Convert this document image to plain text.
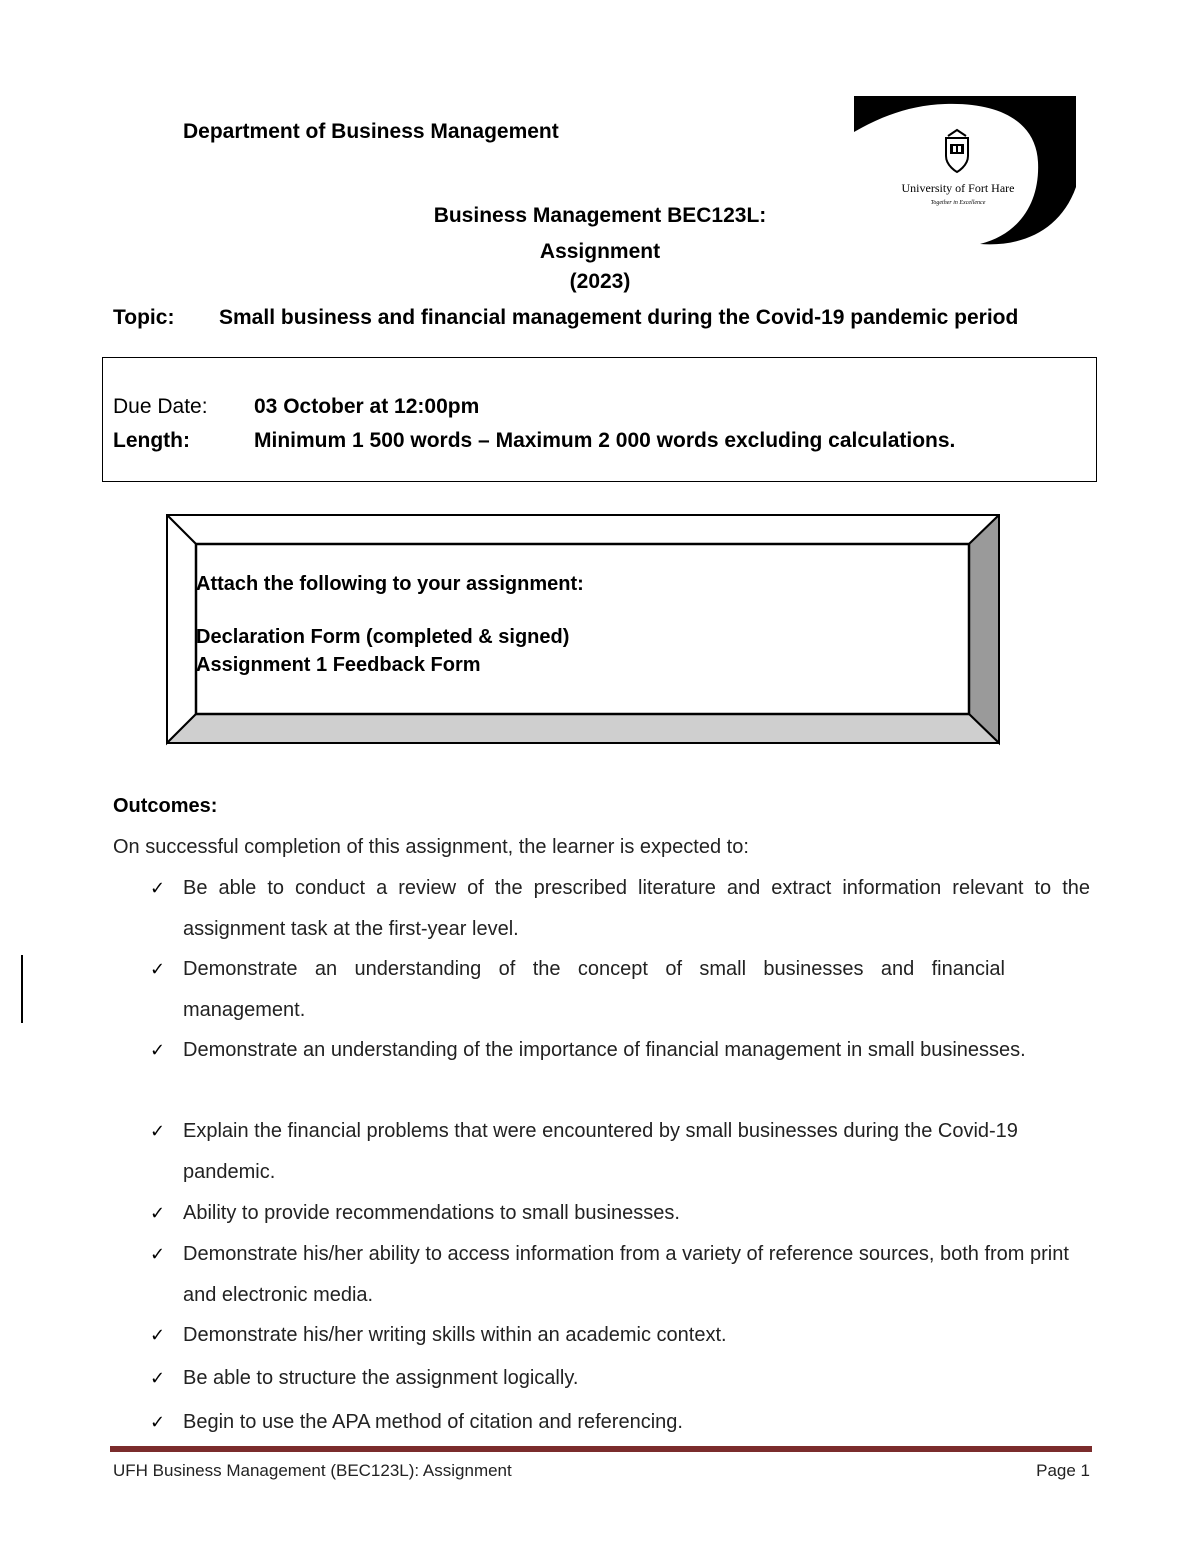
Department of Business Management
University of Fort Hare
Together in Excellence
Business Management BEC123L:
Assignment
(2023)
Topic: Small business and financial management during the Covid-19 pandemic period
Due Date: 03 October at 12:00pm
Length:	Minimum 1 500 words – Maximum 2 000 words excluding calculations.
Attach the following to your assignment:
Declaration Form (completed & signed)
Assignment 1 Feedback Form
Outcomes:
On successful completion of this assignment, the learner is expected to:
✓ Be able to conduct a review of the prescribed literature and extract information relevant to the assignment task at the first-year level.
✓ Demonstrate an understanding of the concept of small businesses and financial management.
✓ Demonstrate an understanding of the importance of financial management in small businesses.
✓ Explain the financial problems that were encountered by small businesses during the Covid-19 pandemic.
✓ Ability to provide recommendations to small businesses.
✓ Demonstrate his/her ability to access information from a variety of reference sources, both from print and electronic media.
✓ Demonstrate his/her writing skills within an academic context.
✓ Be able to structure the assignment logically.
✓ Begin to use the APA method of citation and referencing.
UFH Business Management (BEC123L): Assignment	Page 1
